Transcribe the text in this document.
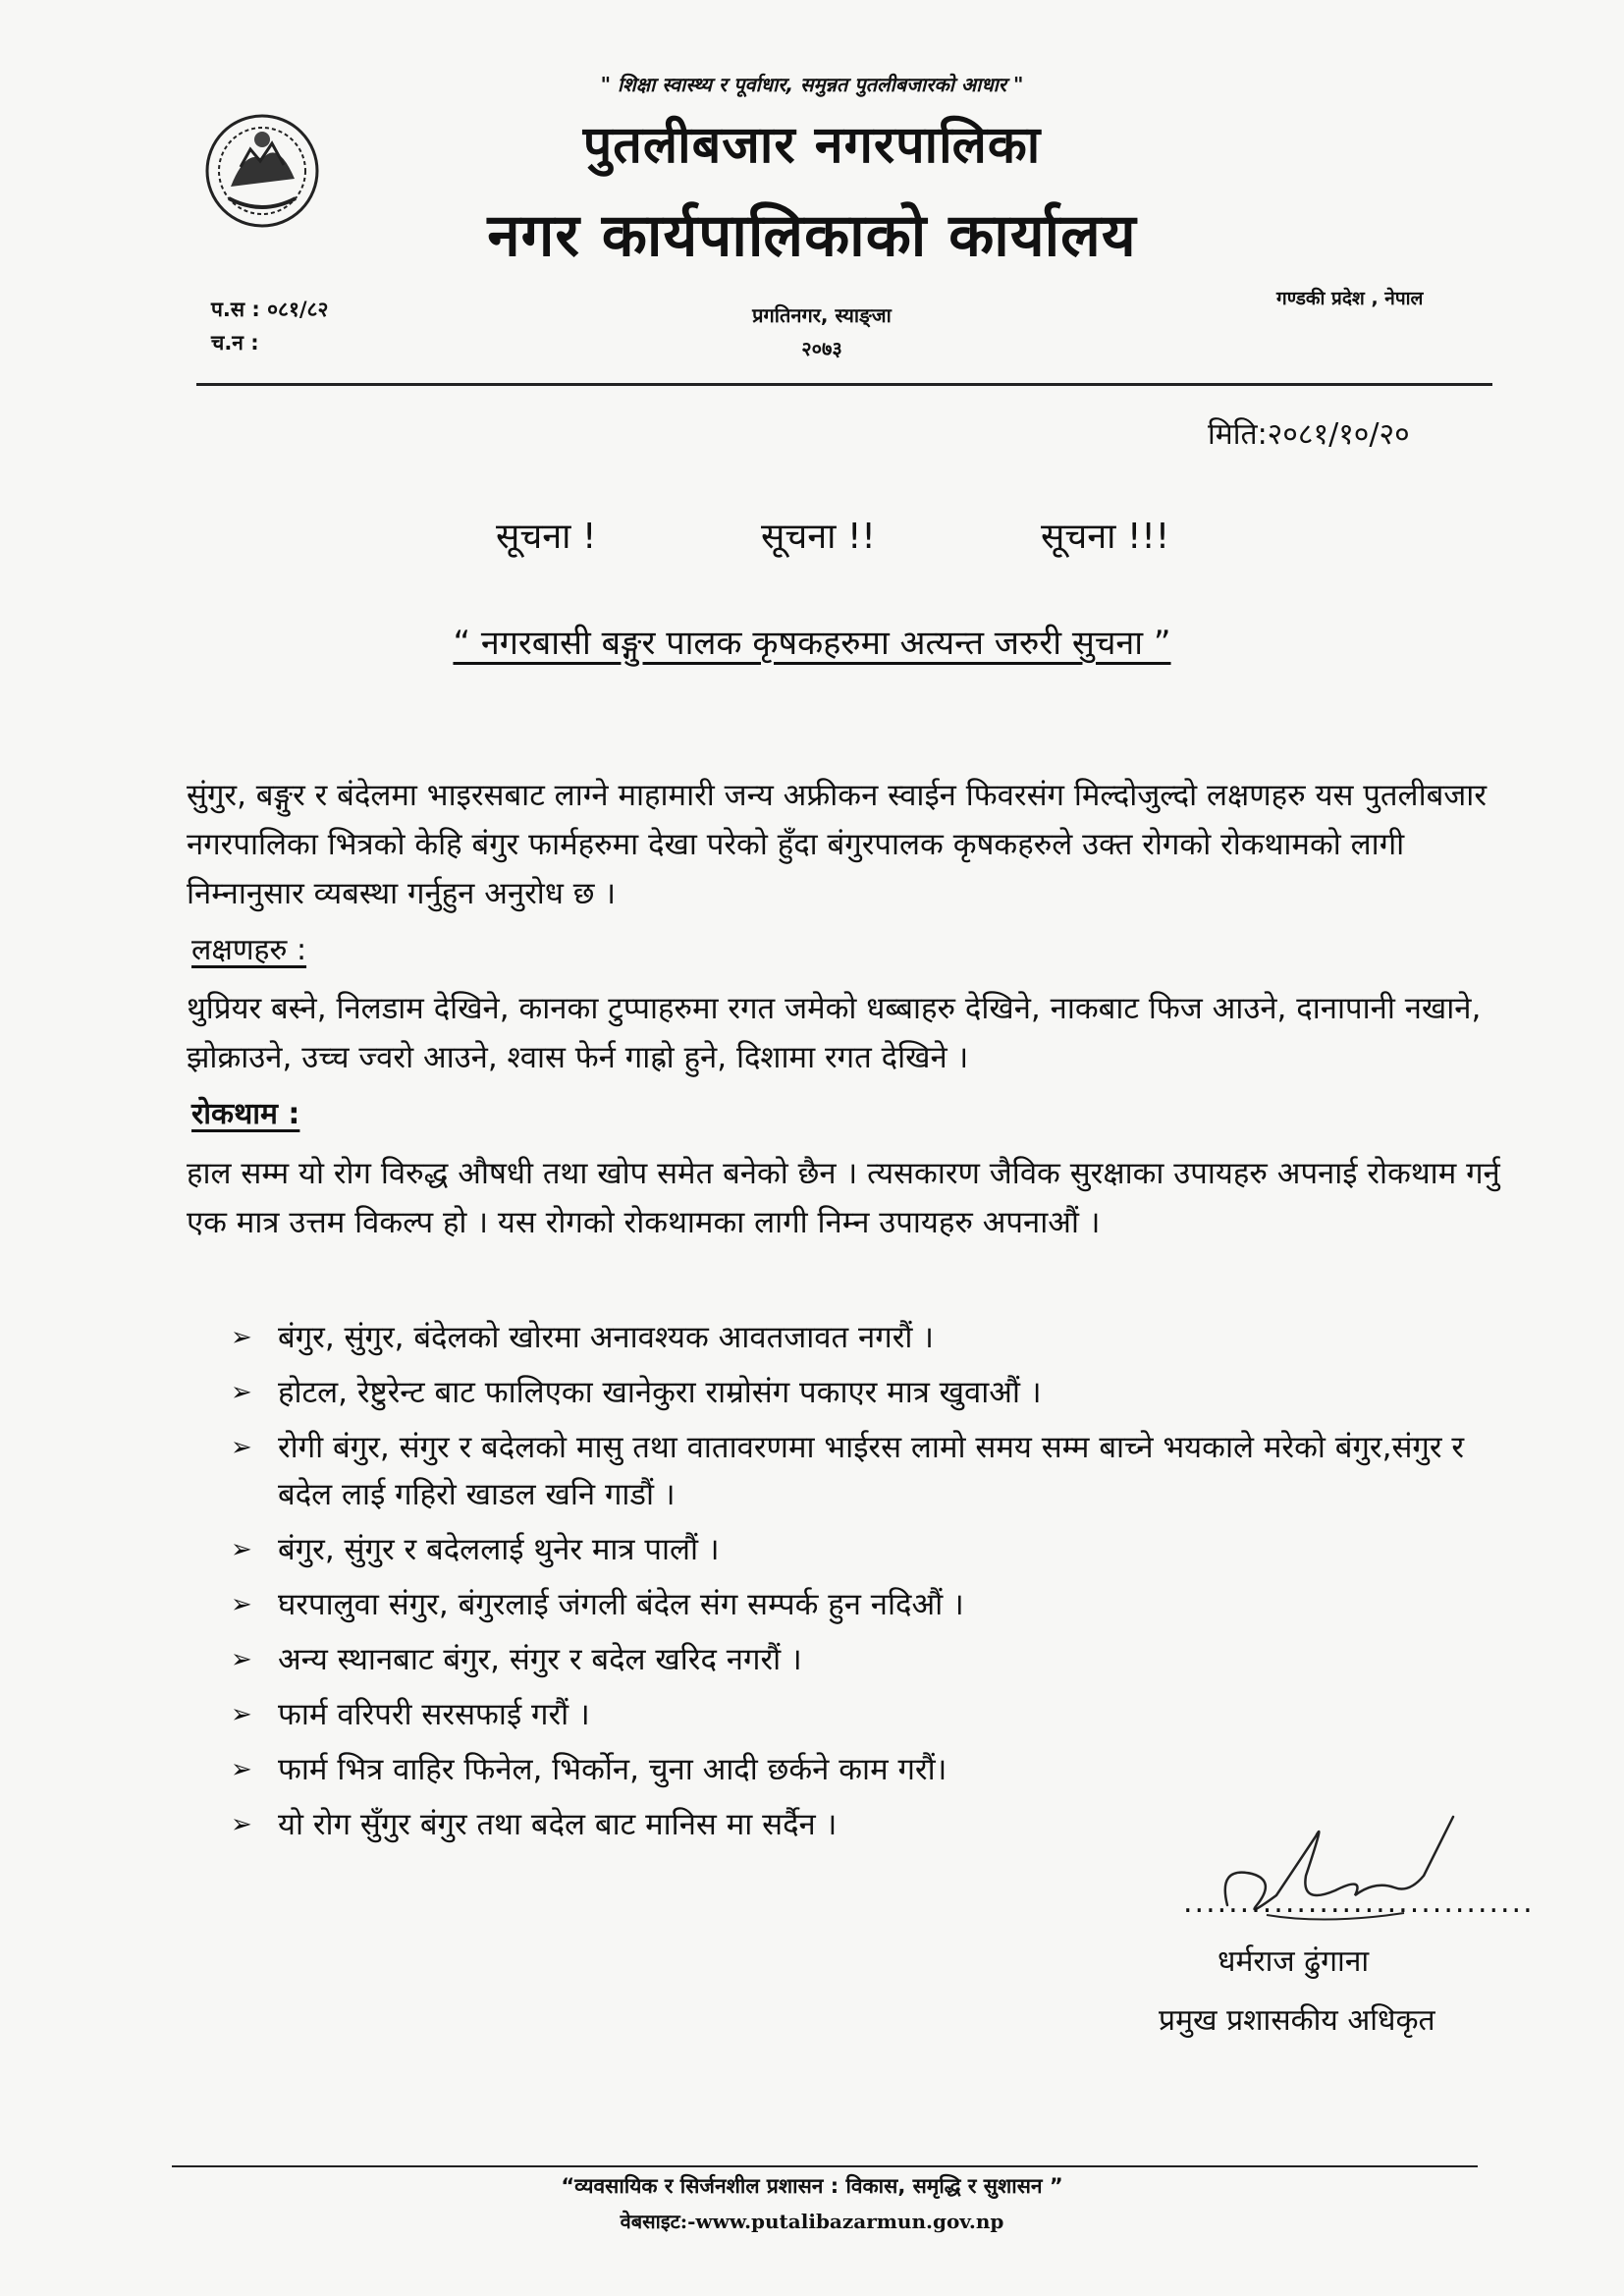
" शिक्षा स्वास्थ्य र पूर्वाधार, समुन्नत पुतलीबजारको आधार "
पुतलीबजार नगरपालिका
नगर कार्यपालिकाको कार्यालय
प.स : ०८१/८२
च.न :
प्रगतिनगर, स्याङ्जा
२०७३
गण्डकी प्रदेश , नेपाल
मिति:२०८१/१०/२०
सूचना !	सूचना !!	सूचना !!!
“ नगरबासी बङ्गुर पालक कृषकहरुमा अत्यन्त जरुरी सुचना ”
सुंगुर, बङ्गुर र बंदेलमा भाइरसबाट लाग्ने माहामारी जन्य अफ्रीकन स्वाईन फिवरसंग मिल्दोजुल्दो लक्षणहरु यस पुतलीबजार नगरपालिका भित्रको केहि बंगुर फार्महरुमा देखा परेको हुँदा बंगुरपालक कृषकहरुले उक्त रोगको रोकथामको लागी निम्नानुसार व्यबस्था गर्नुहुन अनुरोध छ ।
लक्षणहरु :
थुप्रियर बस्ने, निलडाम देखिने, कानका टुप्पाहरुमा रगत जमेको धब्बाहरु देखिने, नाकबाट फिज आउने, दानापानी नखाने, झोक्राउने, उच्च ज्वरो आउने, श्वास फेर्न गाह्रो हुने, दिशामा रगत देखिने ।
रोकथाम :
हाल सम्म यो रोग विरुद्ध औषधी तथा खोप समेत बनेको छैन । त्यसकारण जैविक सुरक्षाका उपायहरु अपनाई रोकथाम गर्नु एक मात्र उत्तम विकल्प हो । यस रोगको रोकथामका लागी निम्न उपायहरु अपनाऔं ।
➢ बंगुर, सुंगुर, बंदेलको खोरमा अनावश्यक आवतजावत नगरौं ।
➢ होटल, रेष्टुरेन्ट बाट फालिएका खानेकुरा राम्रोसंग पकाएर मात्र खुवाऔं ।
➢ रोगी बंगुर, संगुर र बदेलको मासु तथा वातावरणमा भाईरस लामो समय सम्म बाच्ने भयकाले मरेको बंगुर,संगुर र बदेल लाई गहिरो खाडल खनि गाडौं ।
➢ बंगुर, सुंगुर र बदेललाई थुनेर मात्र पालौं ।
➢ घरपालुवा संगुर, बंगुरलाई जंगली बंदेल संग सम्पर्क हुन नदिऔं ।
➢ अन्य स्थानबाट बंगुर, संगुर र बदेल खरिद नगरौं ।
➢ फार्म वरिपरी सरसफाई गरौं ।
➢ फार्म भित्र वाहिर फिनेल, भिर्कोन, चुना आदी छर्कने काम गरौं।
➢ यो रोग सुँगुर बंगुर तथा बदेल बाट मानिस मा सर्दैन ।
...............................
धर्मराज ढुंगाना
प्रमुख प्रशासकीय अधिकृत
“व्यवसायिक र सिर्जनशील प्रशासन : विकास, समृद्धि र सुशासन ”
वेबसाइट:-www.putalibazarmun.gov.np
